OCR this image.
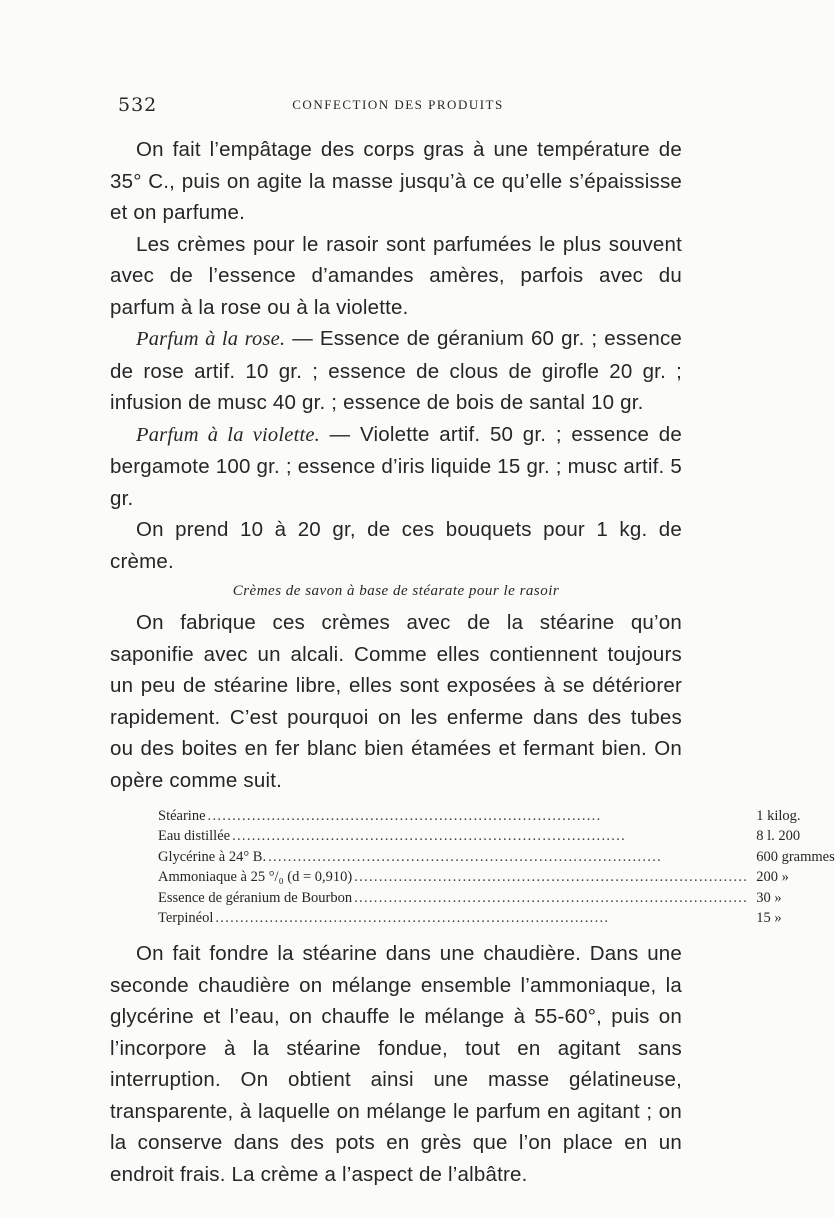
532	CONFECTION DES PRODUITS

On fait l’empâtage des corps gras à une température de 35° C., puis on agite la masse jusqu’à ce qu’elle s’épaississe et on parfume.

Les crèmes pour le rasoir sont parfumées le plus souvent avec de l’essence d’amandes amères, parfois avec du parfum à la rose ou à la violette.

Parfum à la rose. — Essence de géranium 60 gr. ; essence de rose artif. 10 gr. ; essence de clous de girofle 20 gr. ; infusion de musc 40 gr. ; essence de bois de santal 10 gr.

Parfum à la violette. — Violette artif. 50 gr. ; essence de bergamote 100 gr. ; essence d’iris liquide 15 gr. ; musc artif. 5 gr.

On prend 10 à 20 gr, de ces bouquets pour 1 kg. de crème.

Crèmes de savon à base de stéarate pour le rasoir

On fabrique ces crèmes avec de la stéarine qu’on saponifie avec un alcali. Comme elles contiennent toujours un peu de stéarine libre, elles sont exposées à se détériorer rapidement. C’est pourquoi on les enferme dans des tubes ou des boites en fer blanc bien étamées et fermant bien. On opère comme suit.

Stéarine ................................................................................	1 kilog.
Eau distillée ................................................................................	8 l. 200
Glycérine à 24° B. ................................................................................	600 grammes
Ammoniaque à 25 °/₀ (d = 0,910) ................................................................................	200 »
Essence de géranium de Bourbon ................................................................................	30 »
Terpinéol ................................................................................	15 »

On fait fondre la stéarine dans une chaudière. Dans une seconde chaudière on mélange ensemble l’ammoniaque, la glycérine et l’eau, on chauffe le mélange à 55-60°, puis on l’incorpore à la stéarine fondue, tout en agitant sans interruption. On obtient ainsi une masse gélatineuse, transparente, à laquelle on mélange le parfum en agitant ; on la conserve dans des pots en grès que l’on place en un endroit frais. La crème a l’aspect de l’albâtre.
